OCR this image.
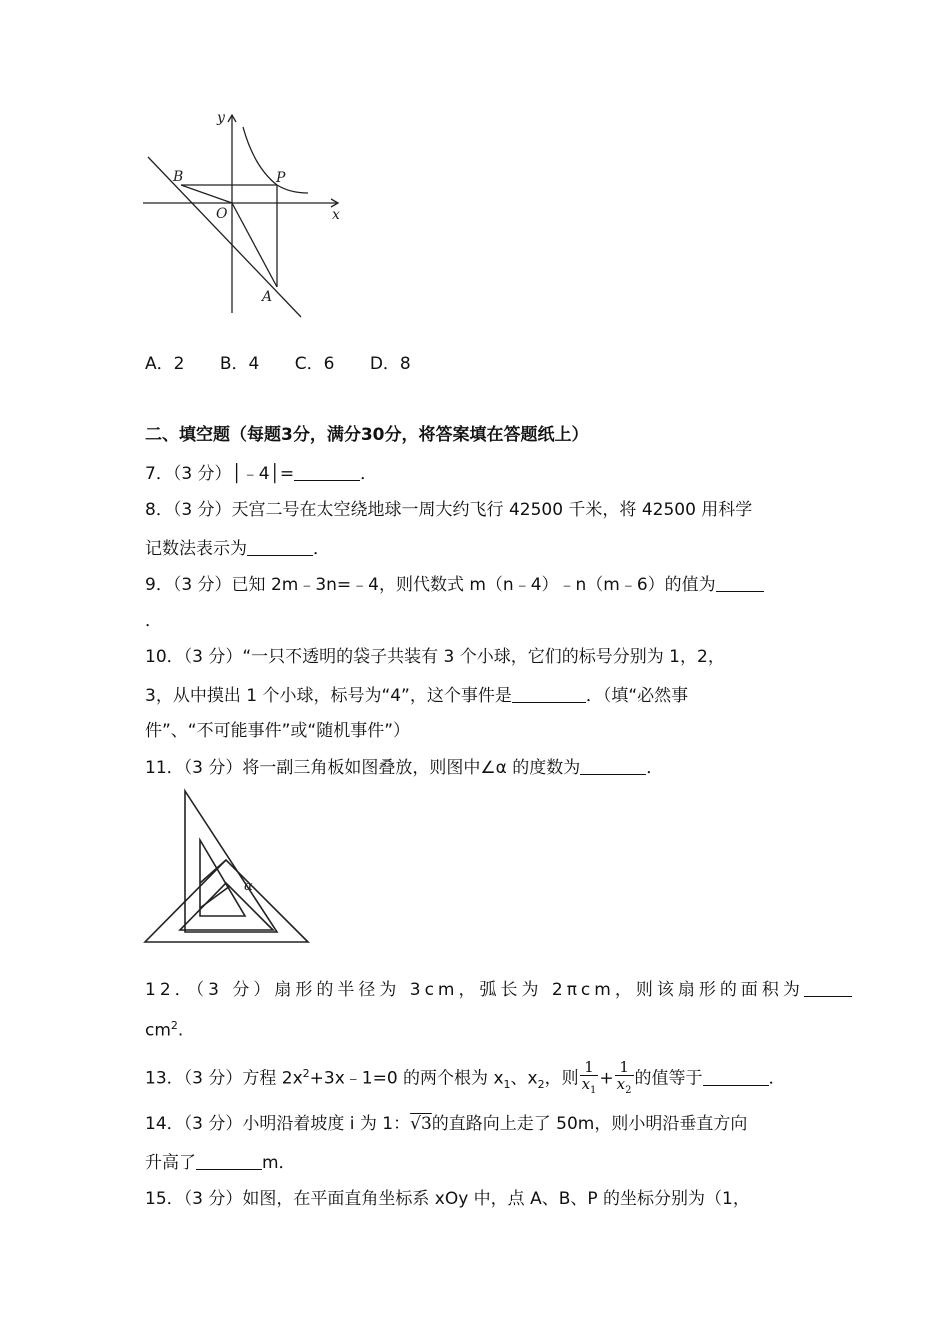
y
x
O
B	P
A
A．2 B．4 C．6 D．8
二、填空题（每题3分，满分30分，将答案填在答题纸上）
7．（3 分）│﹣4│=	．
8．（3 分）天宫二号在太空绕地球一周大约飞行 42500 千米，将 42500 用科学
记数法表示为	．
9．（3 分）已知 2m﹣3n=﹣4，则代数式 m（n﹣4）﹣n（m﹣6）的值为
．
10．（3 分）“一只不透明的袋子共装有 3 个小球，它们的标号分别为 1，2，
3，从中摸出 1 个小球，标号为“4”，这个事件是	．（填“必然事
件”、“不可能事件”或“随机事件”）
11．（3 分）将一副三角板如图叠放，则图中∠α 的度数为	．
α
12．（3 分）扇形的半径为 3cm，弧长为 2πcm，则该扇形的面积为
$cm^2$.
13．（3 分）方程 $2x^2+3x﹣1=0$ 的两个根为 $x_1$、$x_2$，则 $\frac{1}{x_1} + \frac{1}{x_2}$ 的值等于	．
14．（3 分）小明沿着坡度 i 为 1：√3的直路向上走了 50m，则小明沿垂直方向
升高了	m．
15．（3 分）如图，在平面直角坐标系 xOy 中，点 A、B、P 的坐标分别为（1，
